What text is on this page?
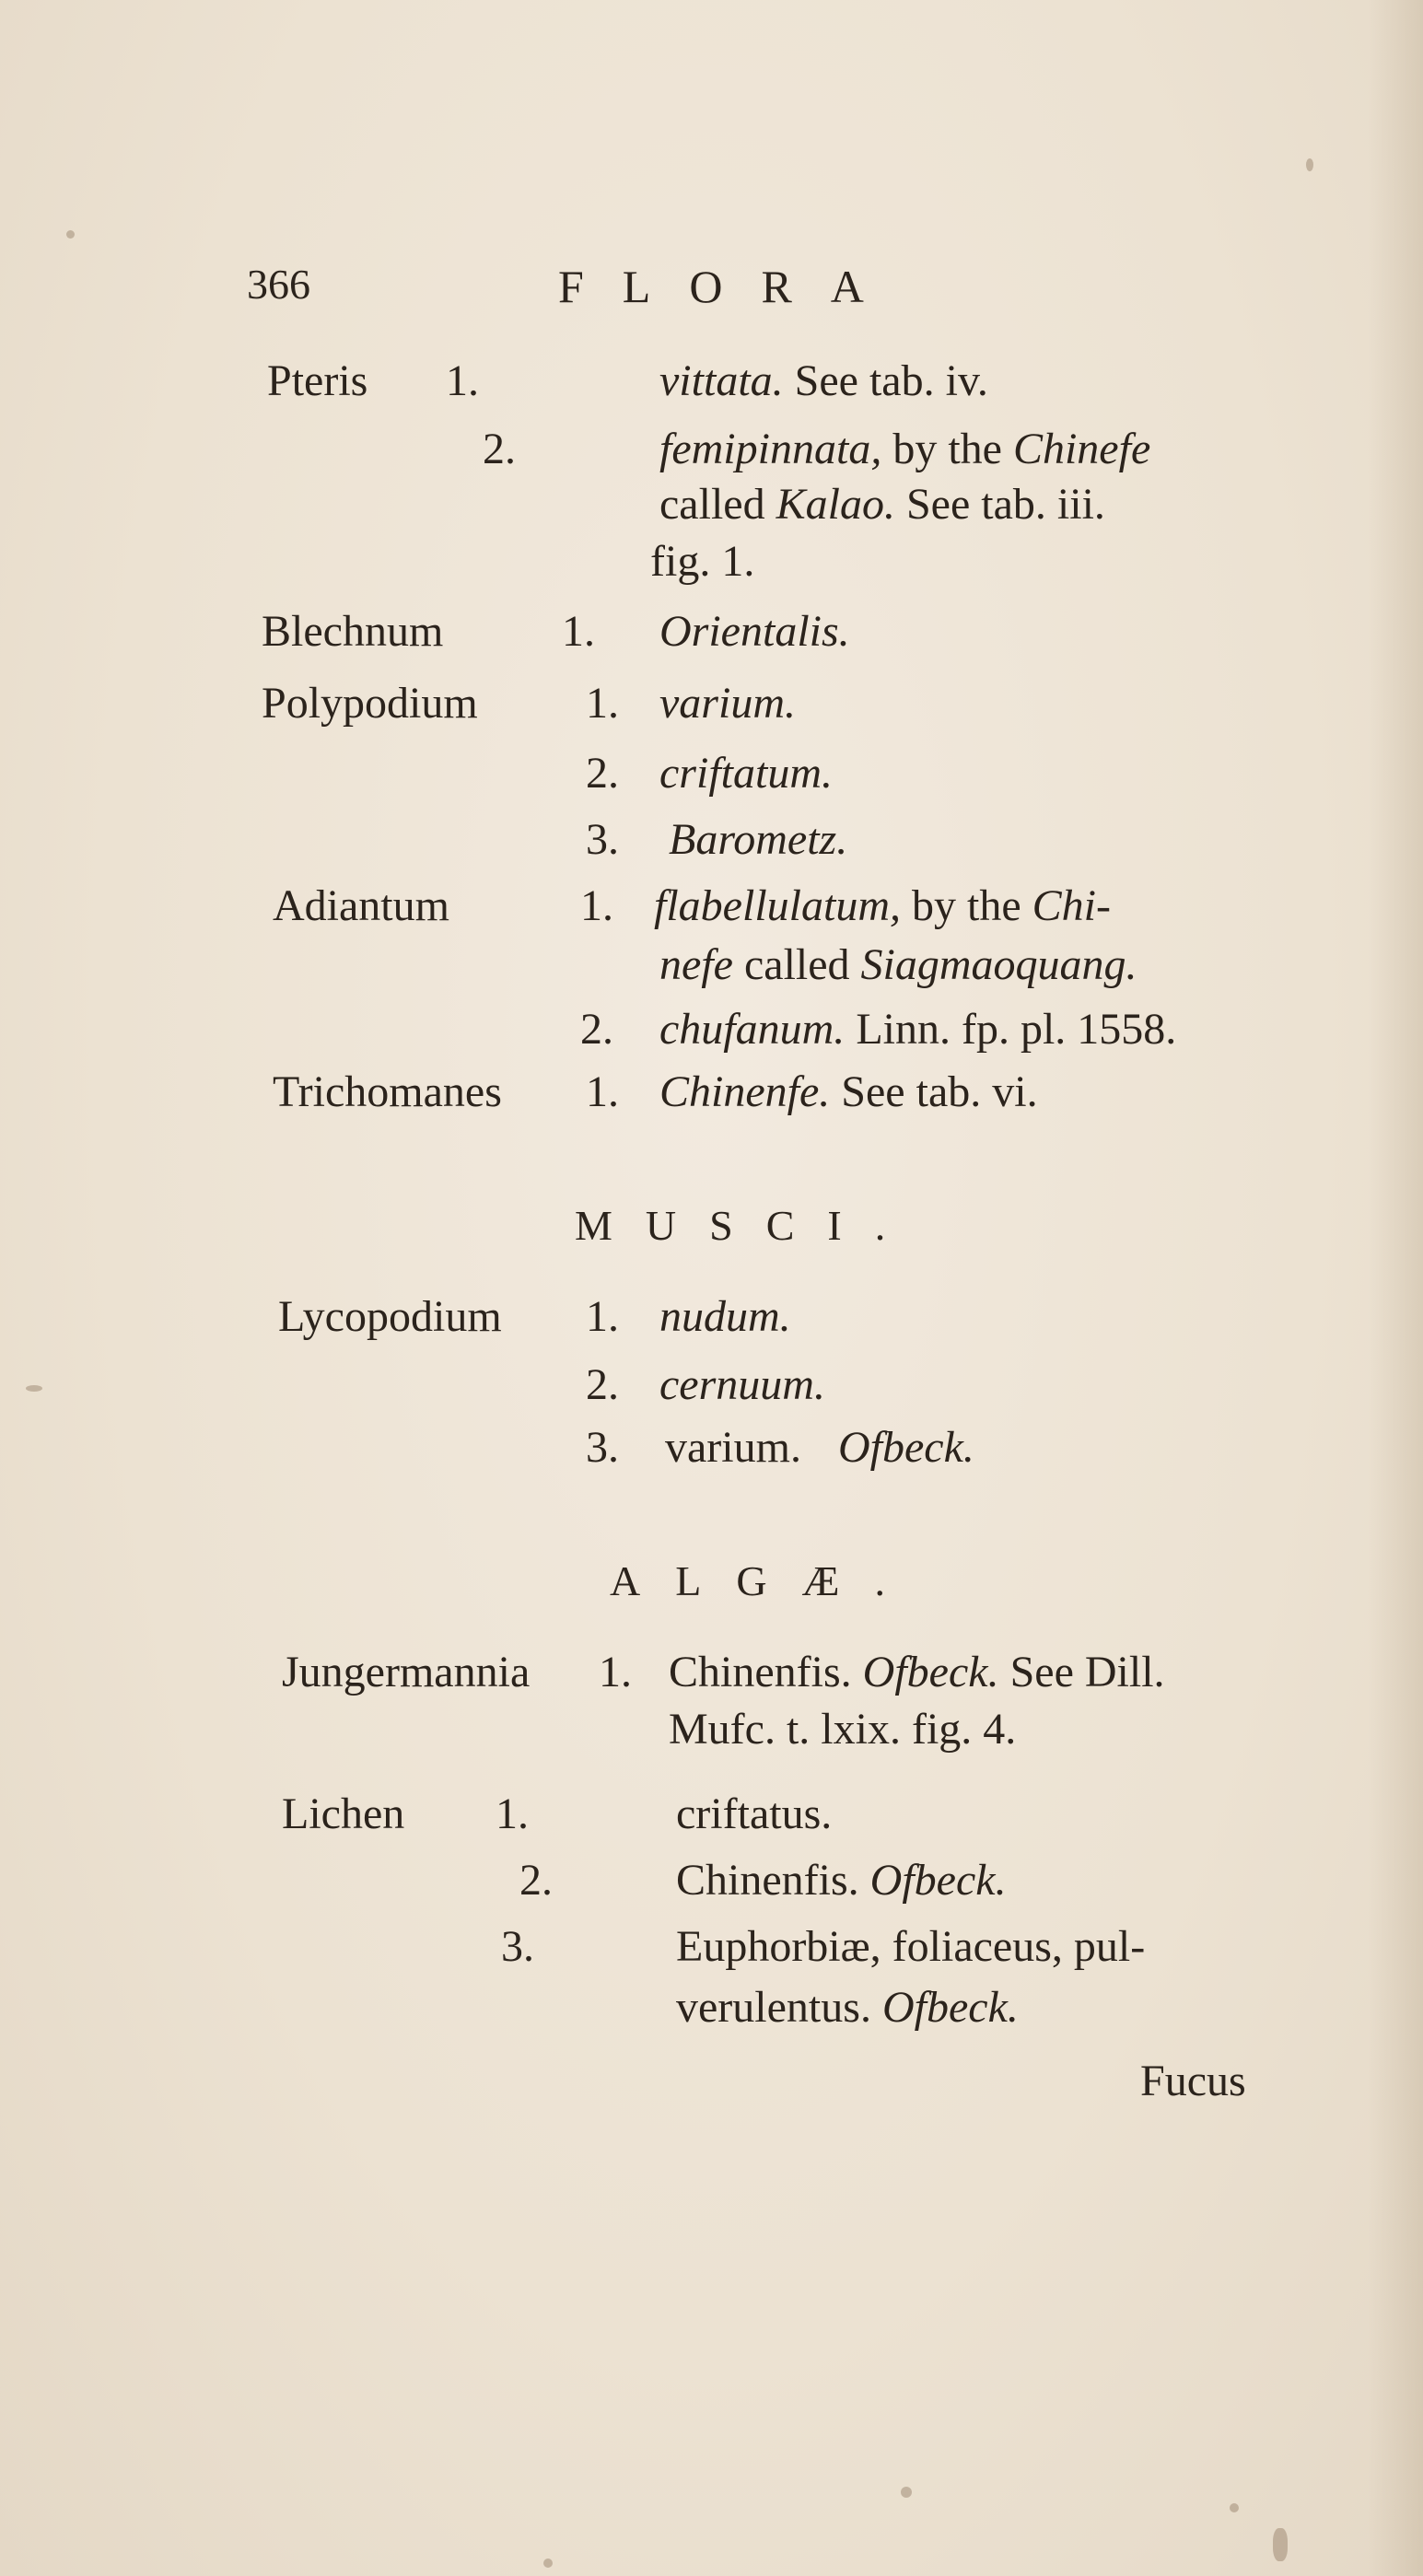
366	FLORA
Pteris	1.	vittata. See tab. iv.
2.	femipinnata, by the Chinefe
called Kalao. See tab. iii.
fig. 1.
Blechnum	1. Orientalis.
Polypodium	1. varium.
2. criftatum.
3. Barometz.
Adiantum	1. flabellulatum, by the Chi-
nefe called Siagmaoquang.
2. chufanum. Linn. fp. pl. 1558.
Trichomanes	1. Chinenfe. See tab. vi.
MUSCI.
Lycopodium	1. nudum.
2. cernuum.
3. varium. Ofbeck.
ALGÆ.
Jungermannia	1. Chinenfis. Ofbeck. See Dill.
Mufc. t. lxix. fig. 4.
Lichen	1.	criftatus.
2.	Chinenfis. Ofbeck.
3.	Euphorbiæ, foliaceus, pul-
verulentus. Ofbeck.
Fucus
